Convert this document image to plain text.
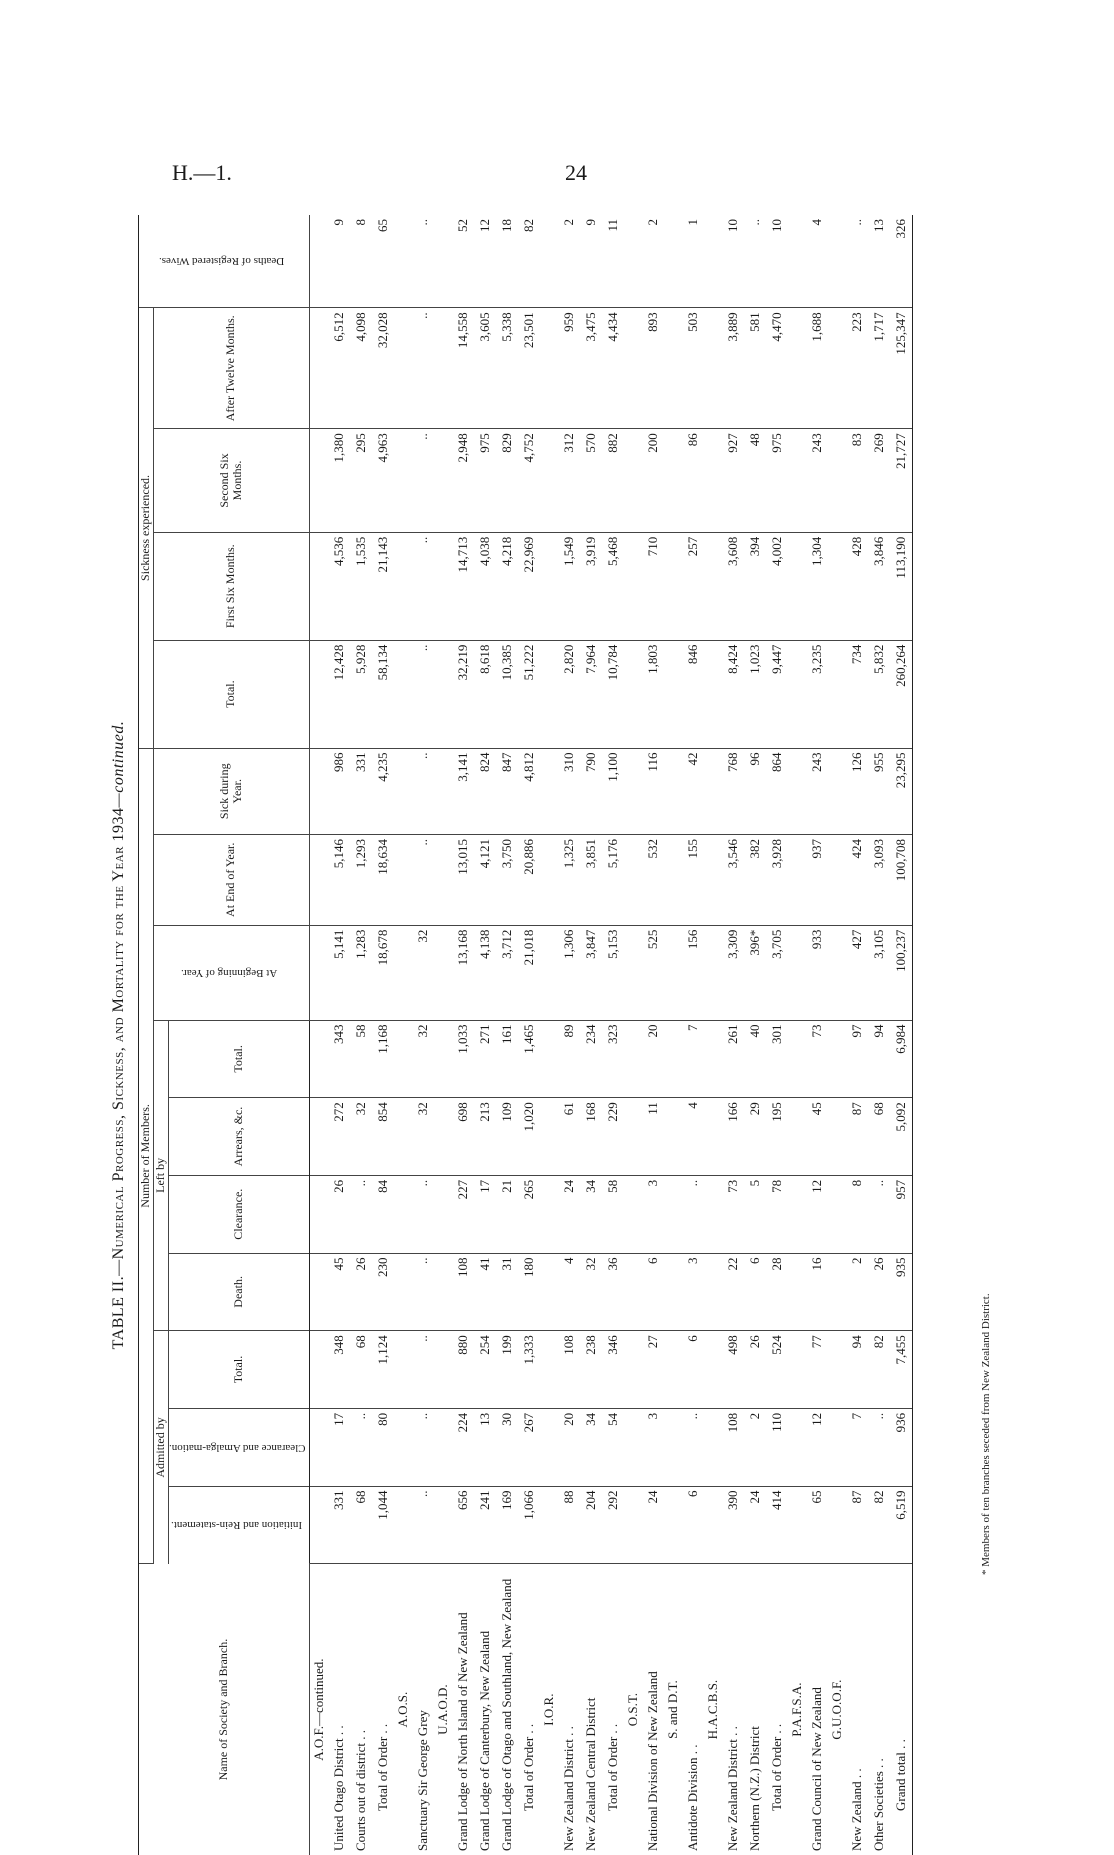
H.—1.	24
TABLE II.—Numerical Progress, Sickness, and Mortality for the Year 1934—continued.
Name of Society and Branch.	Number of Members.										Sickness experienced.				Deaths of Registered Wives.
	Admitted by			Left by				At Beginning of Year.	At End of Year.	Sick during Year.	Total.	First Six Months.	Second Six Months.	After Twelve Months.	
	Initiation and Rein-statement.	Clearance and Amalga-mation.	Total.	Death.	Clearance.	Arrears, &c.	Total.								
A.O.F.—continued.															
United Otago District . .	331	17	348	45	26	272	343	5,141	5,146	986	12,428	4,536	1,380	6,512	9
Courts out of district . .	68	..	68	26	..	32	58	1,283	1,293	331	5,928	1,535	295	4,098	8
Total of Order . .	1,044	80	1,124	230	84	854	1,168	18,678	18,634	4,235	58,134	21,143	4,963	32,028	65
A.O.S.															
Sanctuary Sir George Grey	..	..	..	..	..	32	32	32	..	..	..	..	..	..	..
U.A.O.D.															
Grand Lodge of North Island of New Zealand	656	224	880	108	227	698	1,033	13,168	13,015	3,141	32,219	14,713	2,948	14,558	52
Grand Lodge of Canterbury, New Zealand	241	13	254	41	17	213	271	4,138	4,121	824	8,618	4,038	975	3,605	12
Grand Lodge of Otago and Southland, New Zealand	169	30	199	31	21	109	161	3,712	3,750	847	10,385	4,218	829	5,338	18
Total of Order . .	1,066	267	1,333	180	265	1,020	1,465	21,018	20,886	4,812	51,222	22,969	4,752	23,501	82
I.O.R.															
New Zealand District . .	88	20	108	4	24	61	89	1,306	1,325	310	2,820	1,549	312	959	2
New Zealand Central District	204	34	238	32	34	168	234	3,847	3,851	790	7,964	3,919	570	3,475	9
Total of Order . .	292	54	346	36	58	229	323	5,153	5,176	1,100	10,784	5,468	882	4,434	11
O.S.T.															
National Division of New Zealand	24	3	27	6	3	11	20	525	532	116	1,803	710	200	893	2
S. and D.T.															
Antidote Division . .	6	..	6	3	..	4	7	156	155	42	846	257	86	503	1
H.A.C.B.S.															
New Zealand District . .	390	108	498	22	73	166	261	3,309	3,546	768	8,424	3,608	927	3,889	10
Northern (N.Z.) District	24	2	26	6	5	29	40	396*	382	96	1,023	394	48	581	..
Total of Order . .	414	110	524	28	78	195	301	3,705	3,928	864	9,447	4,002	975	4,470	10
P.A.F.S.A.															
Grand Council of New Zealand	65	12	77	16	12	45	73	933	937	243	3,235	1,304	243	1,688	4
G.U.O.O.F.															
New Zealand . .	87	7	94	2	8	87	97	427	424	126	734	428	83	223	..
Other Societies . .	82	..	82	26	..	68	94	3,105	3,093	955	5,832	3,846	269	1,717	13
Grand total . .	6,519	936	7,455	935	957	5,092	6,984	100,237	100,708	23,295	260,264	113,190	21,727	125,347	326
* Members of ten branches seceded from New Zealand District.
